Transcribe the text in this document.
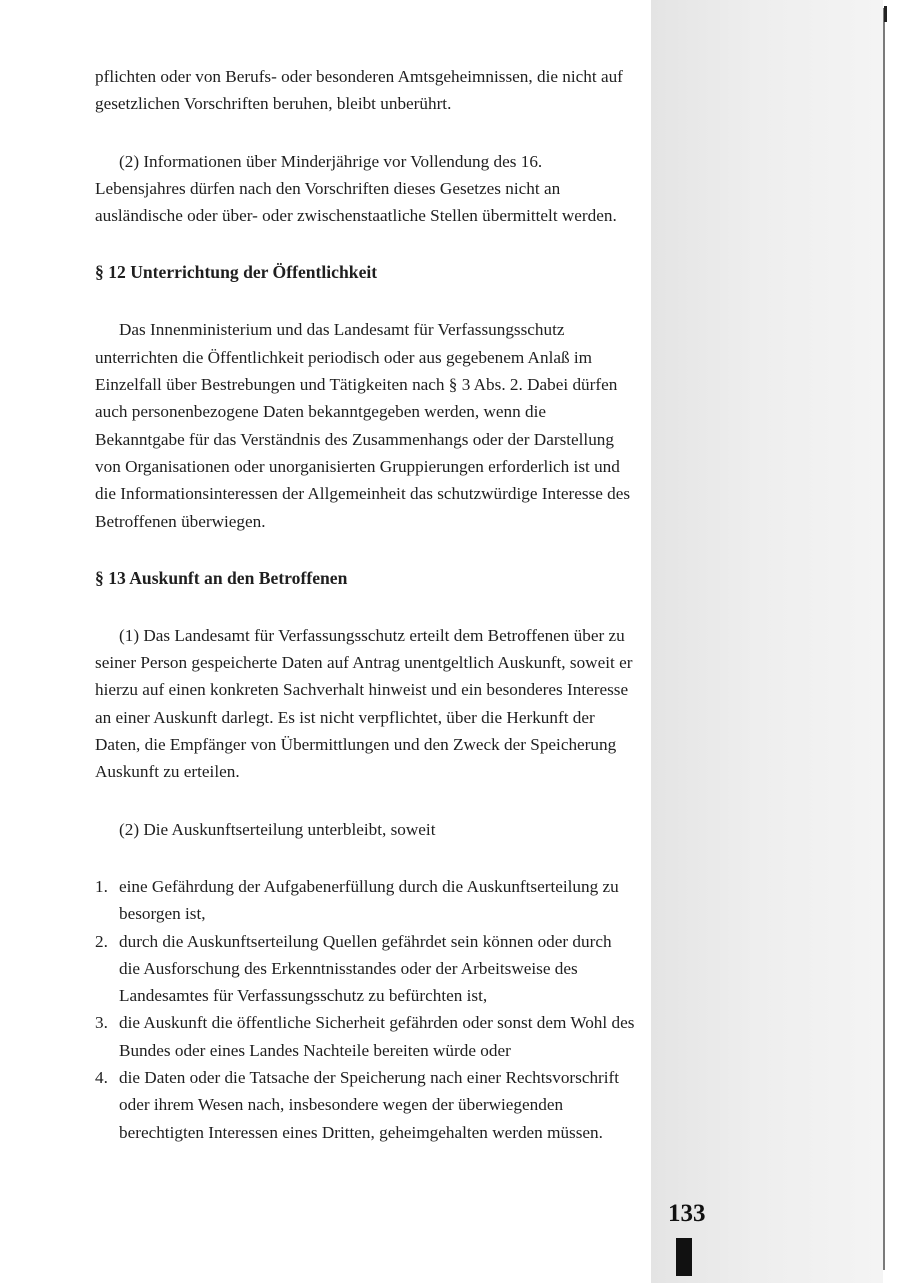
pflichten oder von Berufs- oder besonderen Amtsgeheimnissen, die nicht auf gesetzlichen Vorschriften beruhen, bleibt unberührt.

(2) Informationen über Minderjährige vor Vollendung des 16. Lebensjahres dürfen nach den Vorschriften dieses Gesetzes nicht an ausländische oder über- oder zwischenstaatliche Stellen übermittelt werden.

§ 12 Unterrichtung der Öffentlichkeit

Das Innenministerium und das Landesamt für Verfassungsschutz unterrichten die Öffentlichkeit periodisch oder aus gegebenem Anlaß im Einzelfall über Bestrebungen und Tätigkeiten nach § 3 Abs. 2. Dabei dürfen auch personenbezogene Daten bekanntgegeben werden, wenn die Bekanntgabe für das Verständnis des Zusammenhangs oder der Darstellung von Organisationen oder unorganisierten Gruppierungen erforderlich ist und die Informationsinteressen der Allgemeinheit das schutzwürdige Interesse des Betroffenen überwiegen.

§ 13 Auskunft an den Betroffenen

(1) Das Landesamt für Verfassungsschutz erteilt dem Betroffenen über zu seiner Person gespeicherte Daten auf Antrag unentgeltlich Auskunft, soweit er hierzu auf einen konkreten Sachverhalt hinweist und ein besonderes Interesse an einer Auskunft darlegt. Es ist nicht verpflichtet, über die Herkunft der Daten, die Empfänger von Übermittlungen und den Zweck der Speicherung Auskunft zu erteilen.

(2) Die Auskunftserteilung unterbleibt, soweit

1. eine Gefährdung der Aufgabenerfüllung durch die Auskunftserteilung zu besorgen ist,
2. durch die Auskunftserteilung Quellen gefährdet sein können oder durch die Ausforschung des Erkenntnisstandes oder der Arbeitsweise des Landesamtes für Verfassungsschutz zu befürchten ist,
3. die Auskunft die öffentliche Sicherheit gefährden oder sonst dem Wohl des Bundes oder eines Landes Nachteile bereiten würde oder
4. die Daten oder die Tatsache der Speicherung nach einer Rechtsvorschrift oder ihrem Wesen nach, insbesondere wegen der überwiegenden berechtigten Interessen eines Dritten, geheimgehalten werden müssen.
133
